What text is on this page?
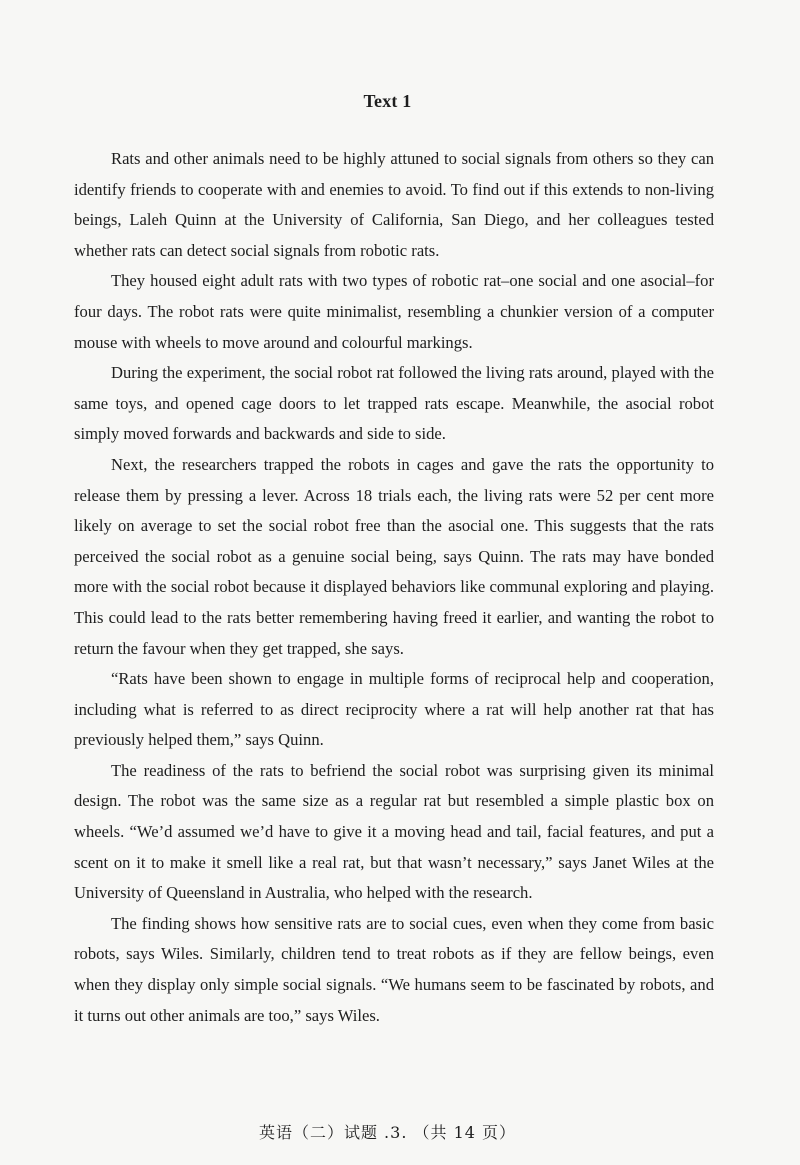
Text 1

Rats and other animals need to be highly attuned to social signals from others so they can identify friends to cooperate with and enemies to avoid. To find out if this extends to non-living beings, Laleh Quinn at the University of California, San Diego, and her colleagues tested whether rats can detect social signals from robotic rats.

They housed eight adult rats with two types of robotic rat–one social and one asocial–for four days. The robot rats were quite minimalist, resembling a chunkier version of a computer mouse with wheels to move around and colourful markings.

During the experiment, the social robot rat followed the living rats around, played with the same toys, and opened cage doors to let trapped rats escape. Meanwhile, the asocial robot simply moved forwards and backwards and side to side.

Next, the researchers trapped the robots in cages and gave the rats the opportunity to release them by pressing a lever. Across 18 trials each, the living rats were 52 per cent more likely on average to set the social robot free than the asocial one. This suggests that the rats perceived the social robot as a genuine social being, says Quinn. The rats may have bonded more with the social robot because it displayed behaviors like communal exploring and playing. This could lead to the rats better remembering having freed it earlier, and wanting the robot to return the favour when they get trapped, she says.

“Rats have been shown to engage in multiple forms of reciprocal help and cooperation, including what is referred to as direct reciprocity where a rat will help another rat that has previously helped them,” says Quinn.

The readiness of the rats to befriend the social robot was surprising given its minimal design. The robot was the same size as a regular rat but resembled a simple plastic box on wheels. “We’d assumed we’d have to give it a moving head and tail, facial features, and put a scent on it to make it smell like a real rat, but that wasn’t necessary,” says Janet Wiles at the University of Queensland in Australia, who helped with the research.

The finding shows how sensitive rats are to social cues, even when they come from basic robots, says Wiles. Similarly, children tend to treat robots as if they are fellow beings, even when they display only simple social signals. “We humans seem to be fascinated by robots, and it turns out other animals are too,” says Wiles.

英语（二）试题 .3. （共 14 页）
